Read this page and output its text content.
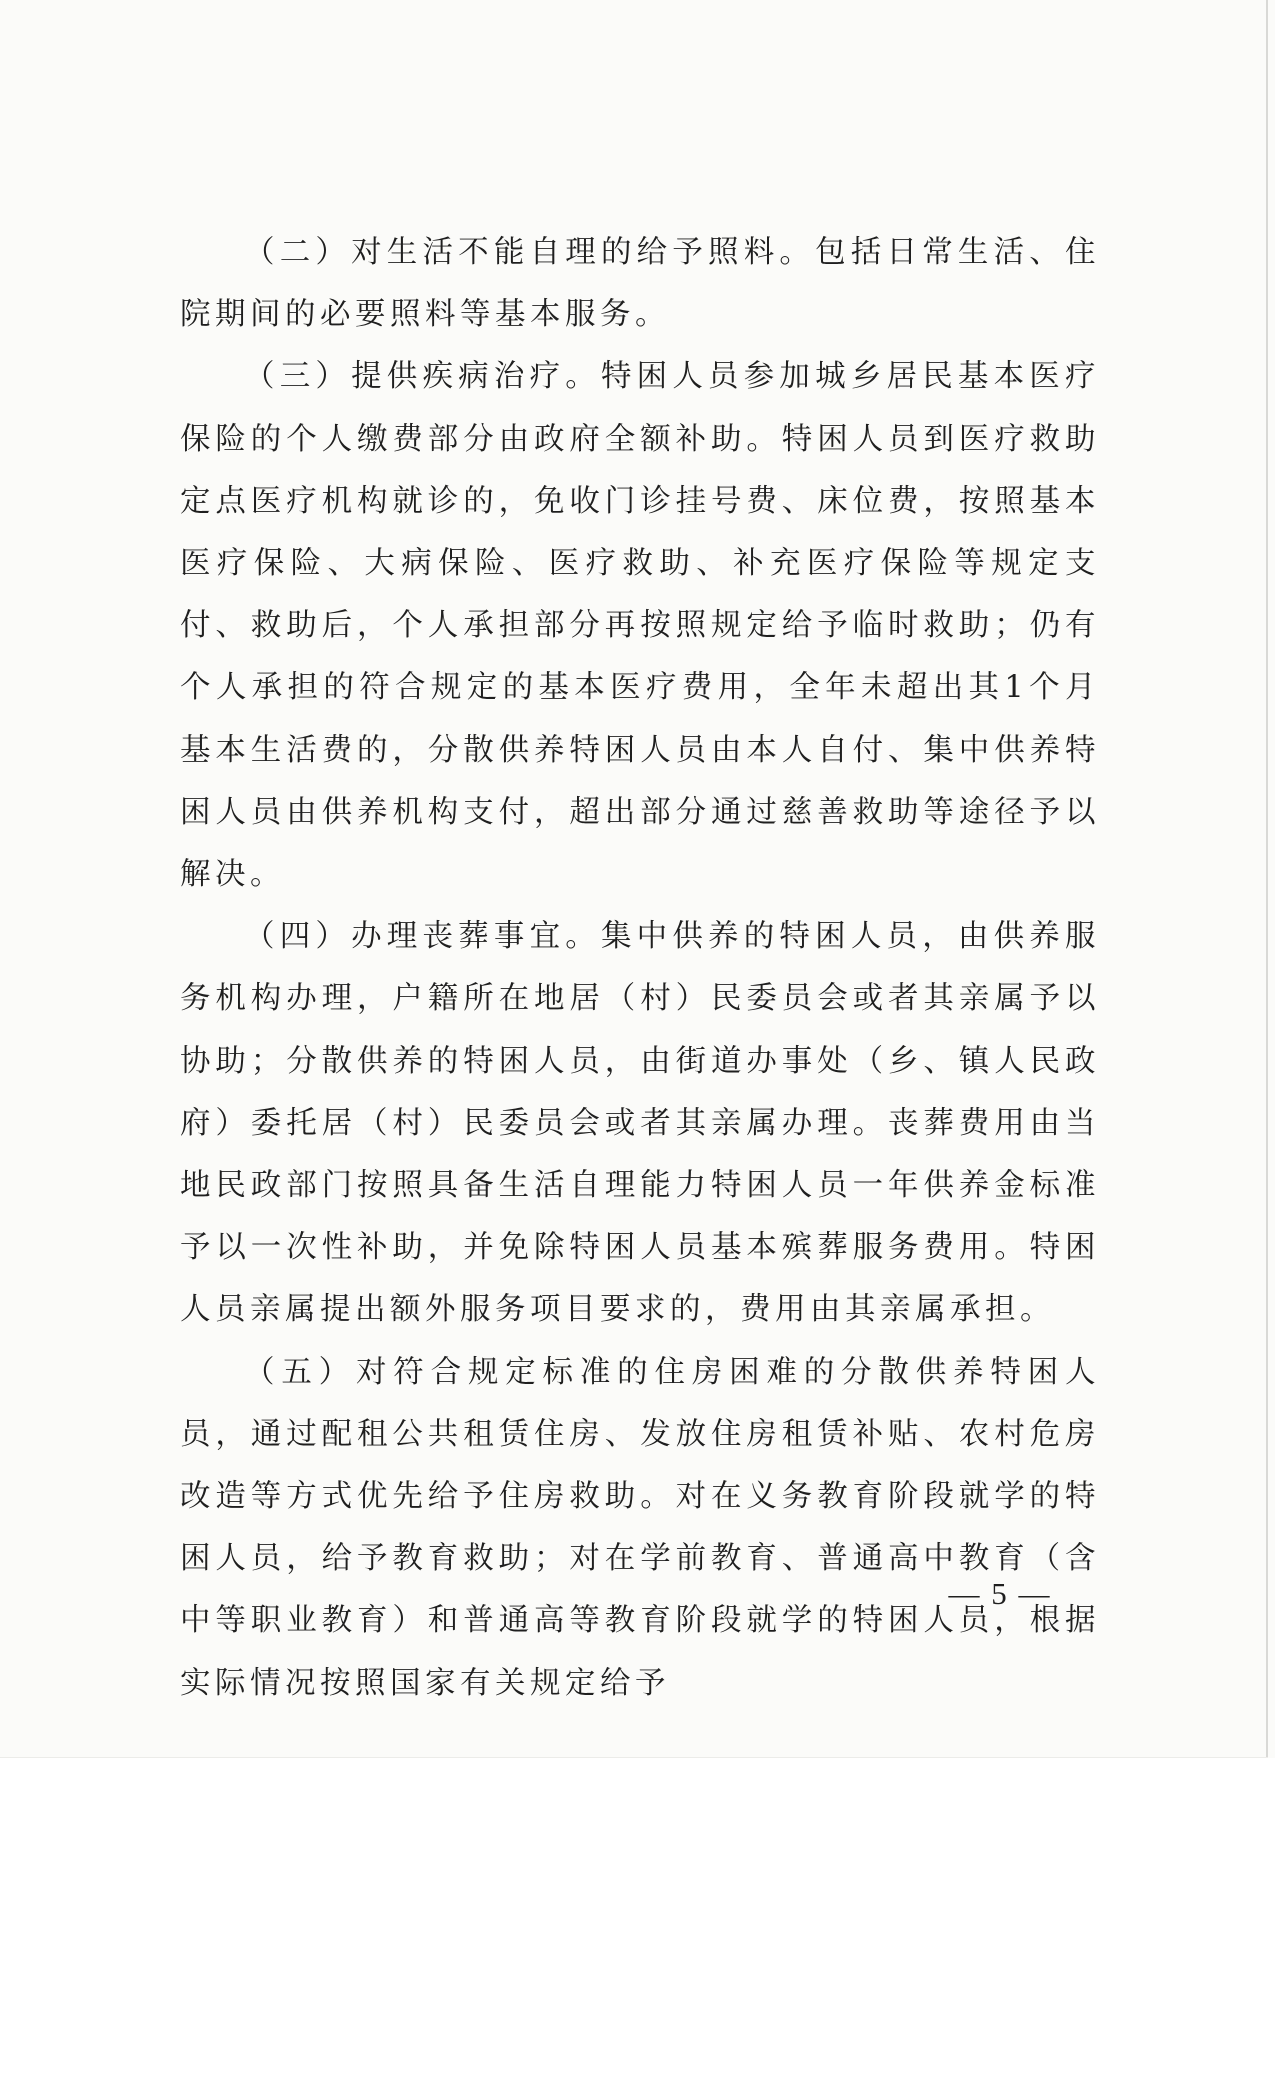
（二）对生活不能自理的给予照料。包括日常生活、住院期间的必要照料等基本服务。

（三）提供疾病治疗。特困人员参加城乡居民基本医疗保险的个人缴费部分由政府全额补助。特困人员到医疗救助定点医疗机构就诊的，免收门诊挂号费、床位费，按照基本医疗保险、大病保险、医疗救助、补充医疗保险等规定支付、救助后，个人承担部分再按照规定给予临时救助；仍有个人承担的符合规定的基本医疗费用，全年未超出其1个月基本生活费的，分散供养特困人员由本人自付、集中供养特困人员由供养机构支付，超出部分通过慈善救助等途径予以解决。

（四）办理丧葬事宜。集中供养的特困人员，由供养服务机构办理，户籍所在地居（村）民委员会或者其亲属予以协助；分散供养的特困人员，由街道办事处（乡、镇人民政府）委托居（村）民委员会或者其亲属办理。丧葬费用由当地民政部门按照具备生活自理能力特困人员一年供养金标准予以一次性补助，并免除特困人员基本殡葬服务费用。特困人员亲属提出额外服务项目要求的，费用由其亲属承担。

（五）对符合规定标准的住房困难的分散供养特困人员，通过配租公共租赁住房、发放住房租赁补贴、农村危房改造等方式优先给予住房救助。对在义务教育阶段就学的特困人员，给予教育救助；对在学前教育、普通高中教育（含中等职业教育）和普通高等教育阶段就学的特困人员，根据实际情况按照国家有关规定给予

— 5 —
